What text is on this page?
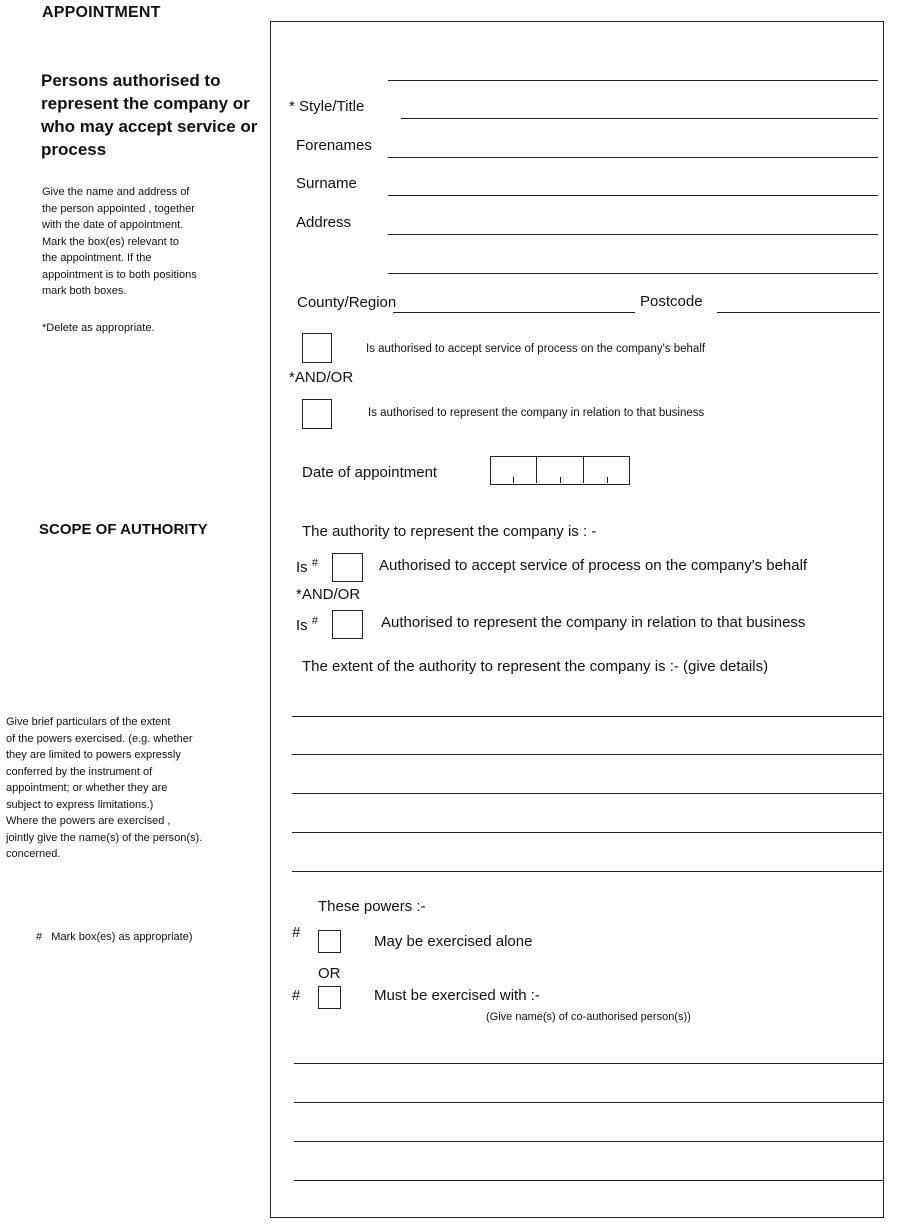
APPOINTMENT
Persons authorised to represent the company or who may accept service or process
Give the name and address of
the person appointed , together
with the date of appointment.
Mark the box(es) relevant to
the appointment. If the
appointment is to both positions
mark both boxes.
*Delete as appropriate.
SCOPE OF AUTHORITY
Give brief particulars of the extent
of the powers exercised. (e.g. whether
they are limited to powers expressly
conferred by the instrument of
appointment; or whether they are
subject to express limitations.)
Where the powers are exercised ,
jointly give the name(s) of the person(s).
concerned.
#   Mark box(es) as appropriate)
* Style/Title
Forenames
Surname
Address
County/Region	Postcode
Is authorised to accept service of process on the company's behalf
*AND/OR
Is authorised to represent the company in relation to that business
Date of appointment
The authority to represent the company is : -
Is #	Authorised to accept service of process on the company's behalf
*AND/OR
Is #	Authorised to represent the company in relation to that business
The extent of the authority to represent the company is :- (give details)
These powers :-
#
May be exercised alone
OR
#	Must be exercised with :-
(Give name(s) of co-authorised person(s))
